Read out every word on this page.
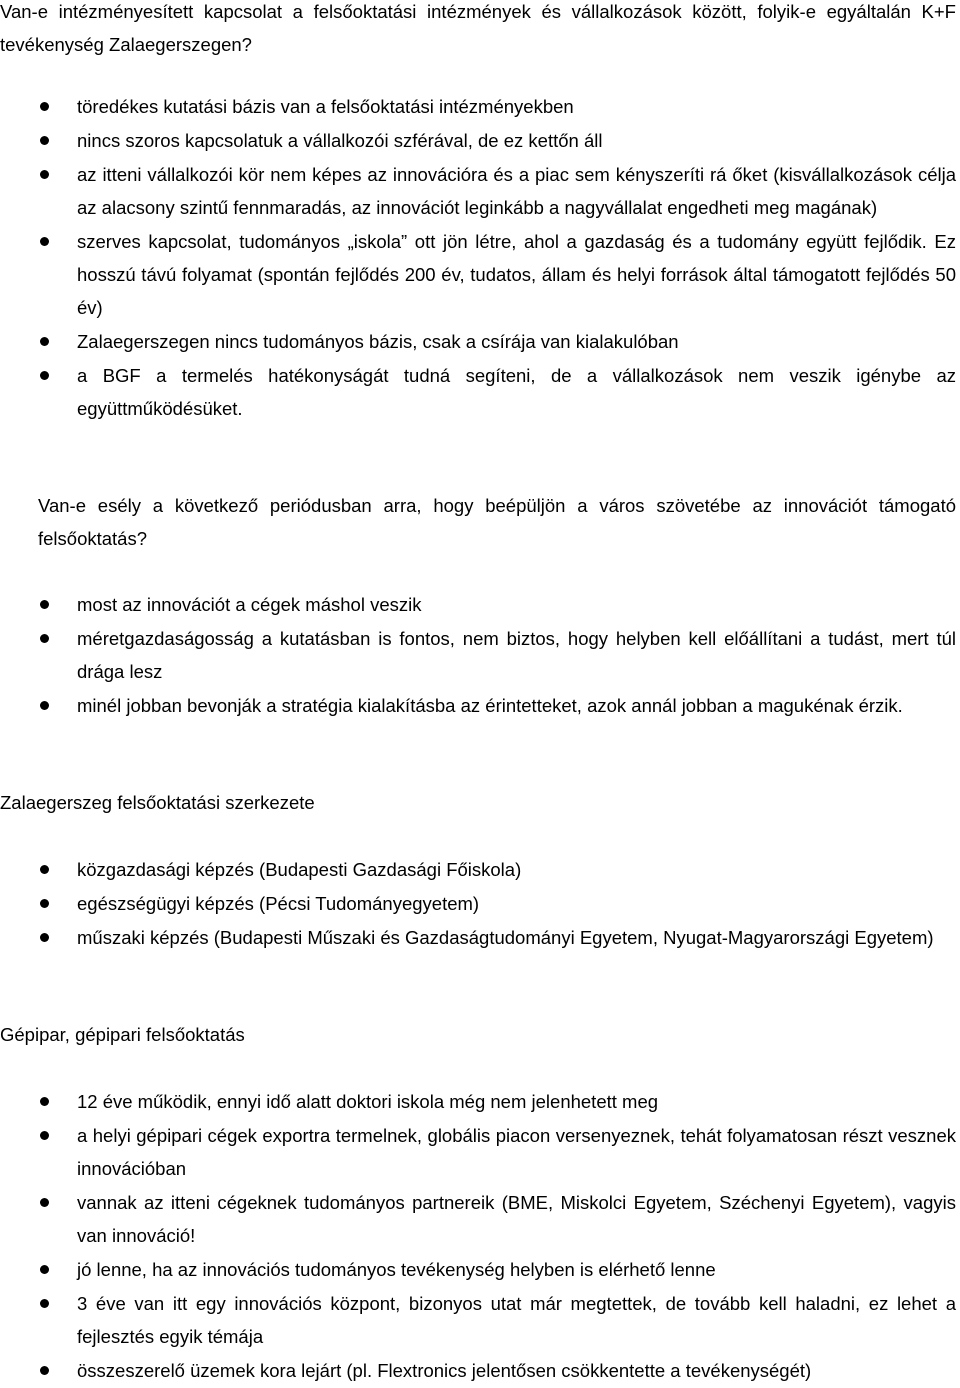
Van-e intézményesített kapcsolat a felsőoktatási intézmények és vállalkozások között, folyik-e egyáltalán K+F tevékenység Zalaegerszegen?

töredékes kutatási bázis van a felsőoktatási intézményekben
nincs szoros kapcsolatuk a vállalkozói szférával, de ez kettőn áll
az itteni vállalkozói kör nem képes az innovációra és a piac sem kényszeríti rá őket (kisvállalkozások célja az alacsony szintű fennmaradás, az innovációt leginkább a nagyvállalat engedheti meg magának)
szerves kapcsolat, tudományos „iskola” ott jön létre, ahol a gazdaság és a tudomány együtt fejlődik. Ez hosszú távú folyamat (spontán fejlődés 200 év, tudatos, állam és helyi források által támogatott fejlődés 50 év)
Zalaegerszegen nincs tudományos bázis, csak a csírája van kialakulóban
a BGF a termelés hatékonyságát tudná segíteni, de a vállalkozások nem veszik igénybe az együttműködésüket.

Van-e esély a következő periódusban arra, hogy beépüljön a város szövetébe az innovációt támogató felsőoktatás?

most az innovációt a cégek máshol veszik
méretgazdaságosság a kutatásban is fontos, nem biztos, hogy helyben kell előállítani a tudást, mert túl drága lesz
minél jobban bevonják a stratégia kialakításba az érintetteket, azok annál jobban a magukénak érzik.

Zalaegerszeg felsőoktatási szerkezete

közgazdasági képzés (Budapesti Gazdasági Főiskola)
egészségügyi képzés (Pécsi Tudományegyetem)
műszaki képzés (Budapesti Műszaki és Gazdaságtudományi Egyetem, Nyugat-Magyarországi Egyetem)

Gépipar, gépipari felsőoktatás

12 éve működik, ennyi idő alatt doktori iskola még nem jelenhetett meg
a helyi gépipari cégek exportra termelnek, globális piacon versenyeznek, tehát folyamatosan részt vesznek innovációban
vannak az itteni cégeknek tudományos partnereik (BME, Miskolci Egyetem, Széchenyi Egyetem), vagyis van innováció!
jó lenne, ha az innovációs tudományos tevékenység helyben is elérhető lenne
3 éve van itt egy innovációs központ, bizonyos utat már megtettek, de tovább kell haladni, ez lehet a fejlesztés egyik témája
összeszerelő üzemek kora lejárt (pl. Flextronics jelentősen csökkentette a tevékenységét)
